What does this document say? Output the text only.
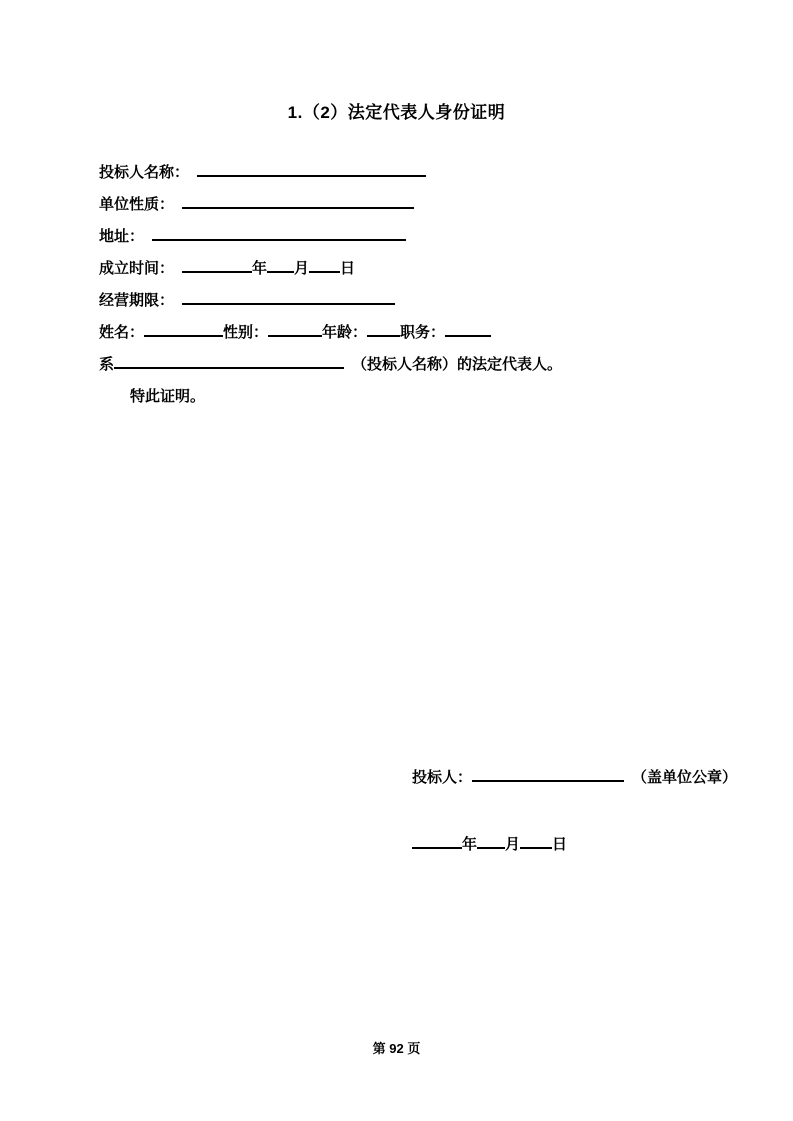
1.（2）法定代表人身份证明
投标人名称：
单位性质：
地址：
成立时间：	年 月 日
经营期限：
姓名：	性别：	年龄： 职务：
系	（投标人名称）的法定代表人。
特此证明。
投标人：	（盖单位公章）
年 月 日
第 92 页
